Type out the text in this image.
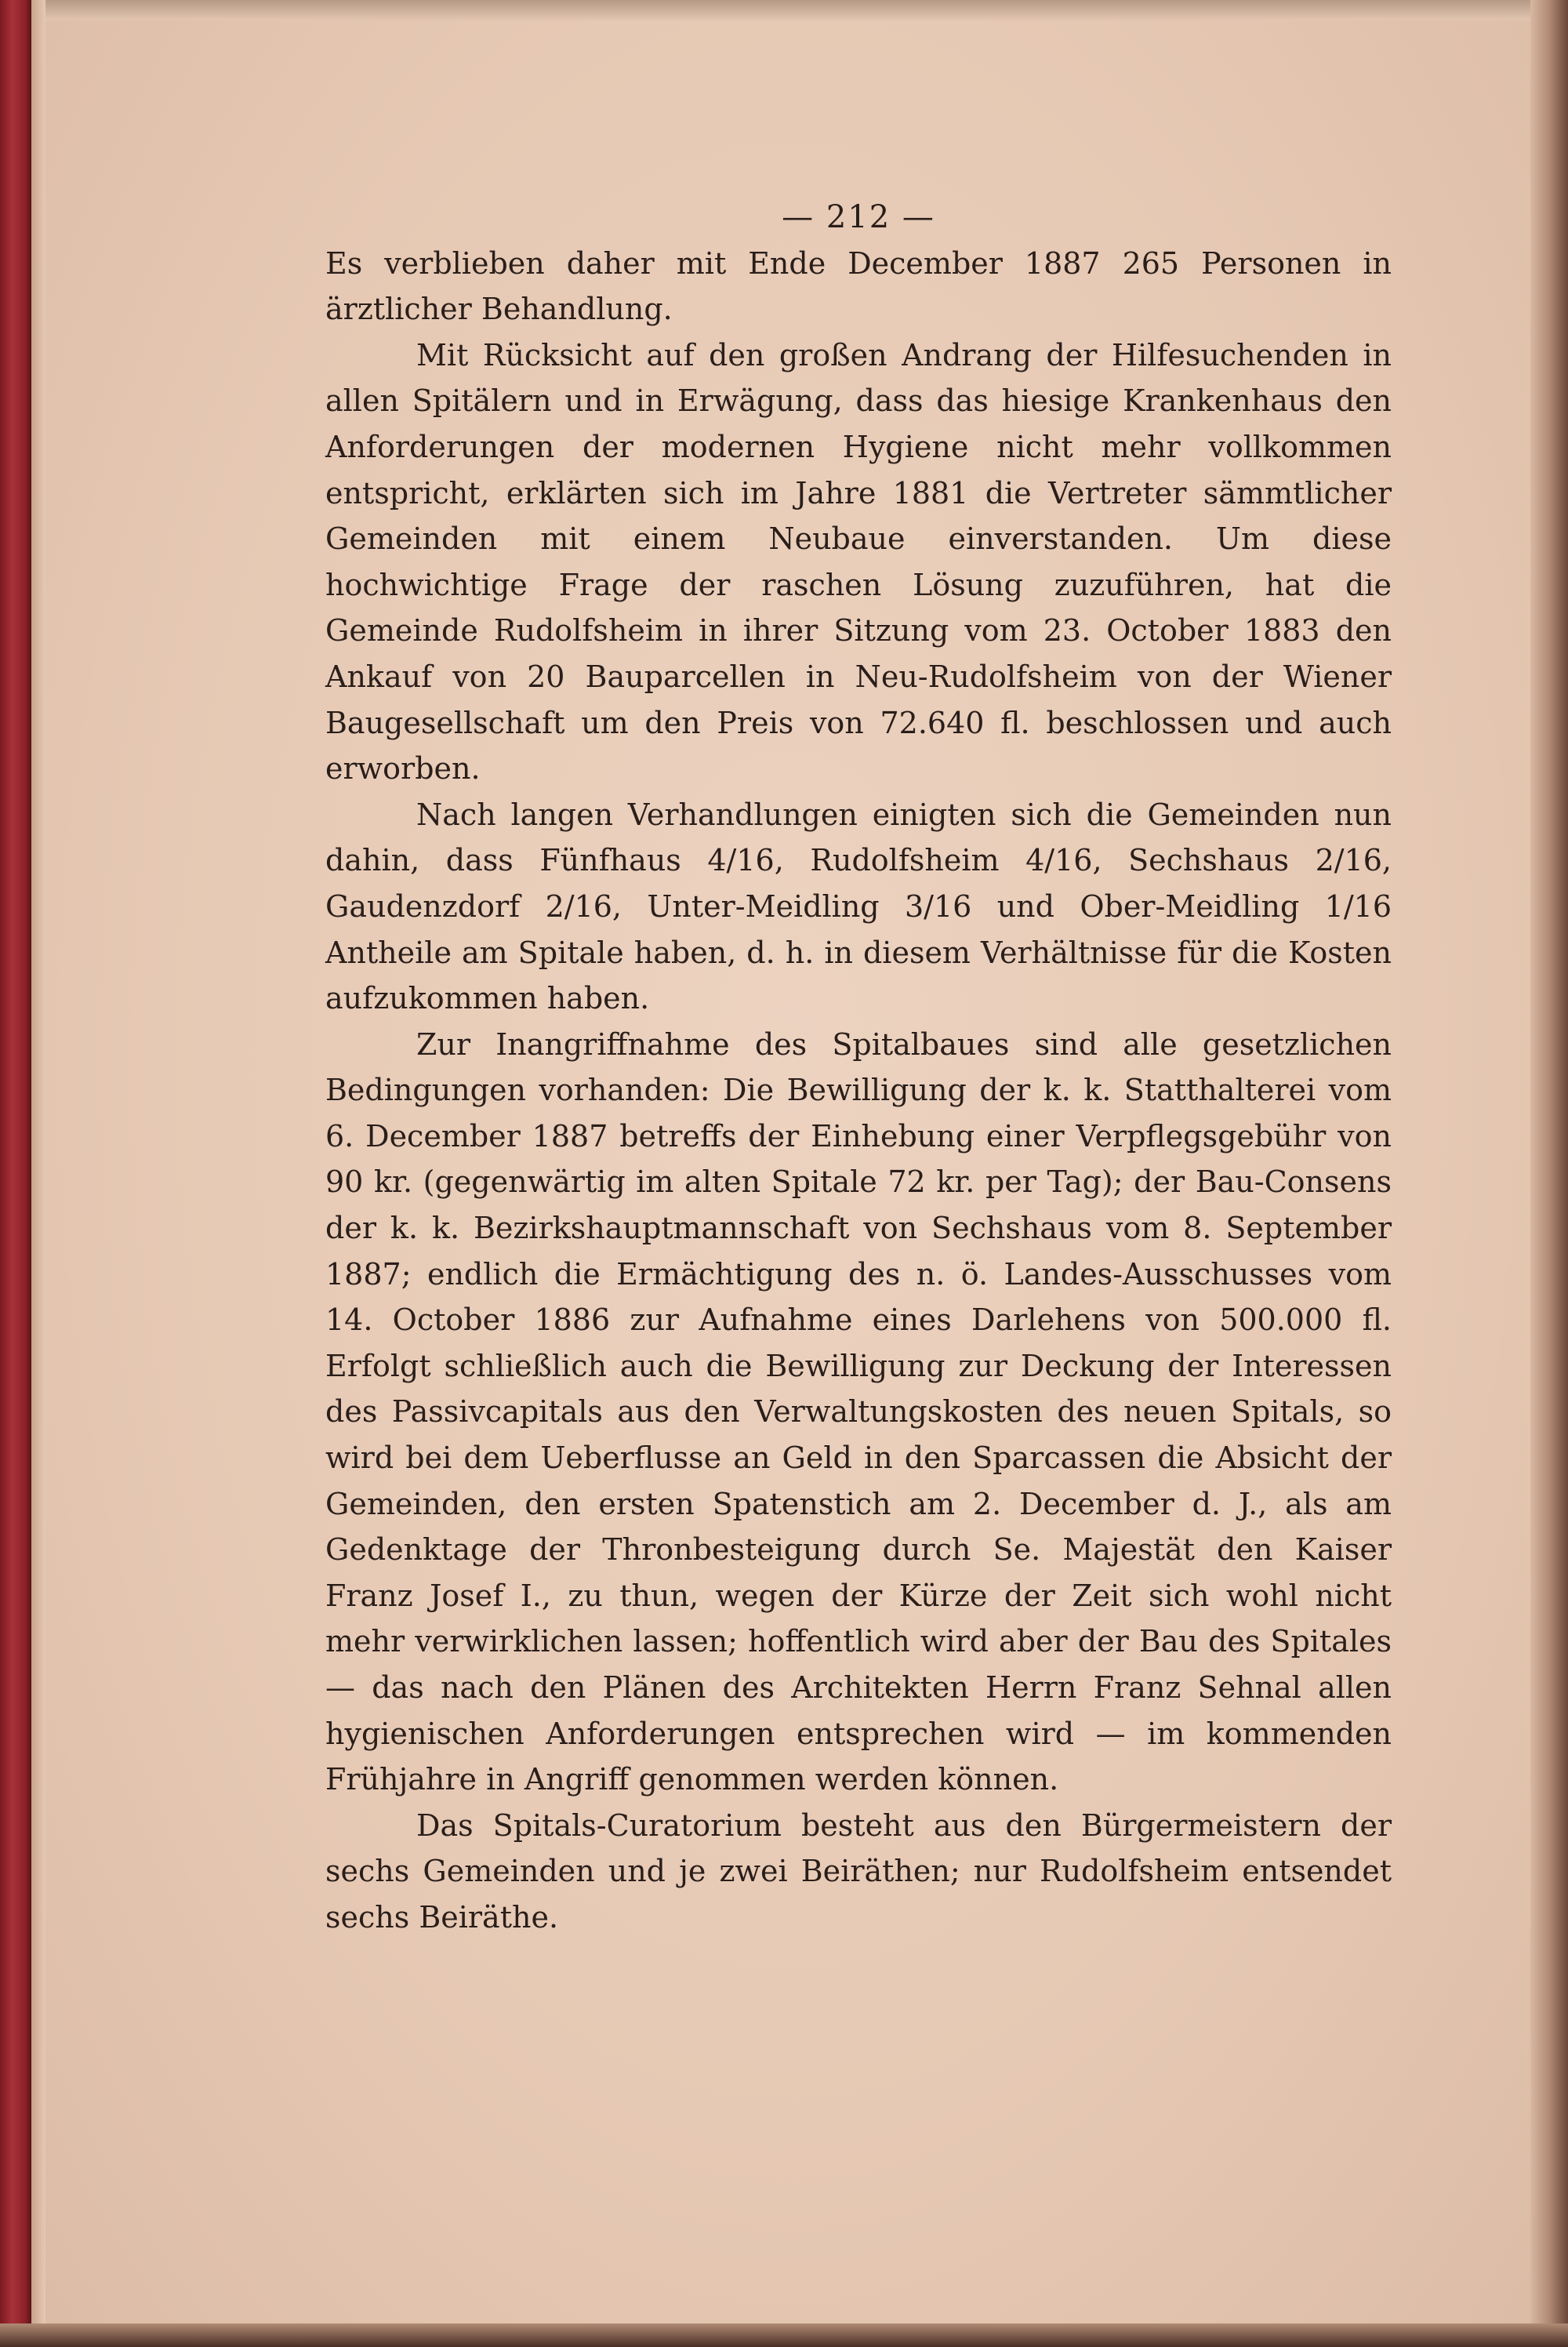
— 212 —

Es verblieben daher mit Ende December 1887 265 Personen in ärztlicher Behandlung.

Mit Rücksicht auf den großen Andrang der Hilfesuchenden in allen Spitälern und in Erwägung, dass das hiesige Krankenhaus den Anforderungen der modernen Hygiene nicht mehr vollkommen entspricht, erklärten sich im Jahre 1881 die Vertreter sämmtlicher Gemeinden mit einem Neubaue einverstanden. Um diese hochwichtige Frage der raschen Lösung zuzuführen, hat die Gemeinde Rudolfsheim in ihrer Sitzung vom 23. October 1883 den Ankauf von 20 Bauparcellen in Neu-Rudolfsheim von der Wiener Baugesellschaft um den Preis von 72.640 fl. beschlossen und auch erworben.

Nach langen Verhandlungen einigten sich die Gemeinden nun dahin, dass Fünfhaus 4/16, Rudolfsheim 4/16, Sechshaus 2/16, Gaudenzdorf 2/16, Unter-Meidling 3/16 und Ober-Meidling 1/16 Antheile am Spitale haben, d. h. in diesem Verhältnisse für die Kosten aufzukommen haben.

Zur Inangriffnahme des Spitalbaues sind alle gesetzlichen Bedingungen vorhanden: Die Bewilligung der k. k. Statthalterei vom 6. December 1887 betreffs der Einhebung einer Verpflegsgebühr von 90 kr. (gegenwärtig im alten Spitale 72 kr. per Tag); der Bau-Consens der k. k. Bezirkshauptmannschaft von Sechshaus vom 8. September 1887; endlich die Ermächtigung des n. ö. Landes-Ausschusses vom 14. October 1886 zur Aufnahme eines Darlehens von 500.000 fl. Erfolgt schließlich auch die Bewilligung zur Deckung der Interessen des Passivcapitals aus den Verwaltungskosten des neuen Spitals, so wird bei dem Ueberflusse an Geld in den Sparcassen die Absicht der Gemeinden, den ersten Spatenstich am 2. December d. J., als am Gedenktage der Thronbesteigung durch Se. Majestät den Kaiser Franz Josef I., zu thun, wegen der Kürze der Zeit sich wohl nicht mehr verwirklichen lassen; hoffentlich wird aber der Bau des Spitales — das nach den Plänen des Architekten Herrn Franz Sehnal allen hygienischen Anforderungen entsprechen wird — im kommenden Frühjahre in Angriff genommen werden können.

Das Spitals-Curatorium besteht aus den Bürgermeistern der sechs Gemeinden und je zwei Beiräthen; nur Rudolfsheim entsendet sechs Beiräthe.
